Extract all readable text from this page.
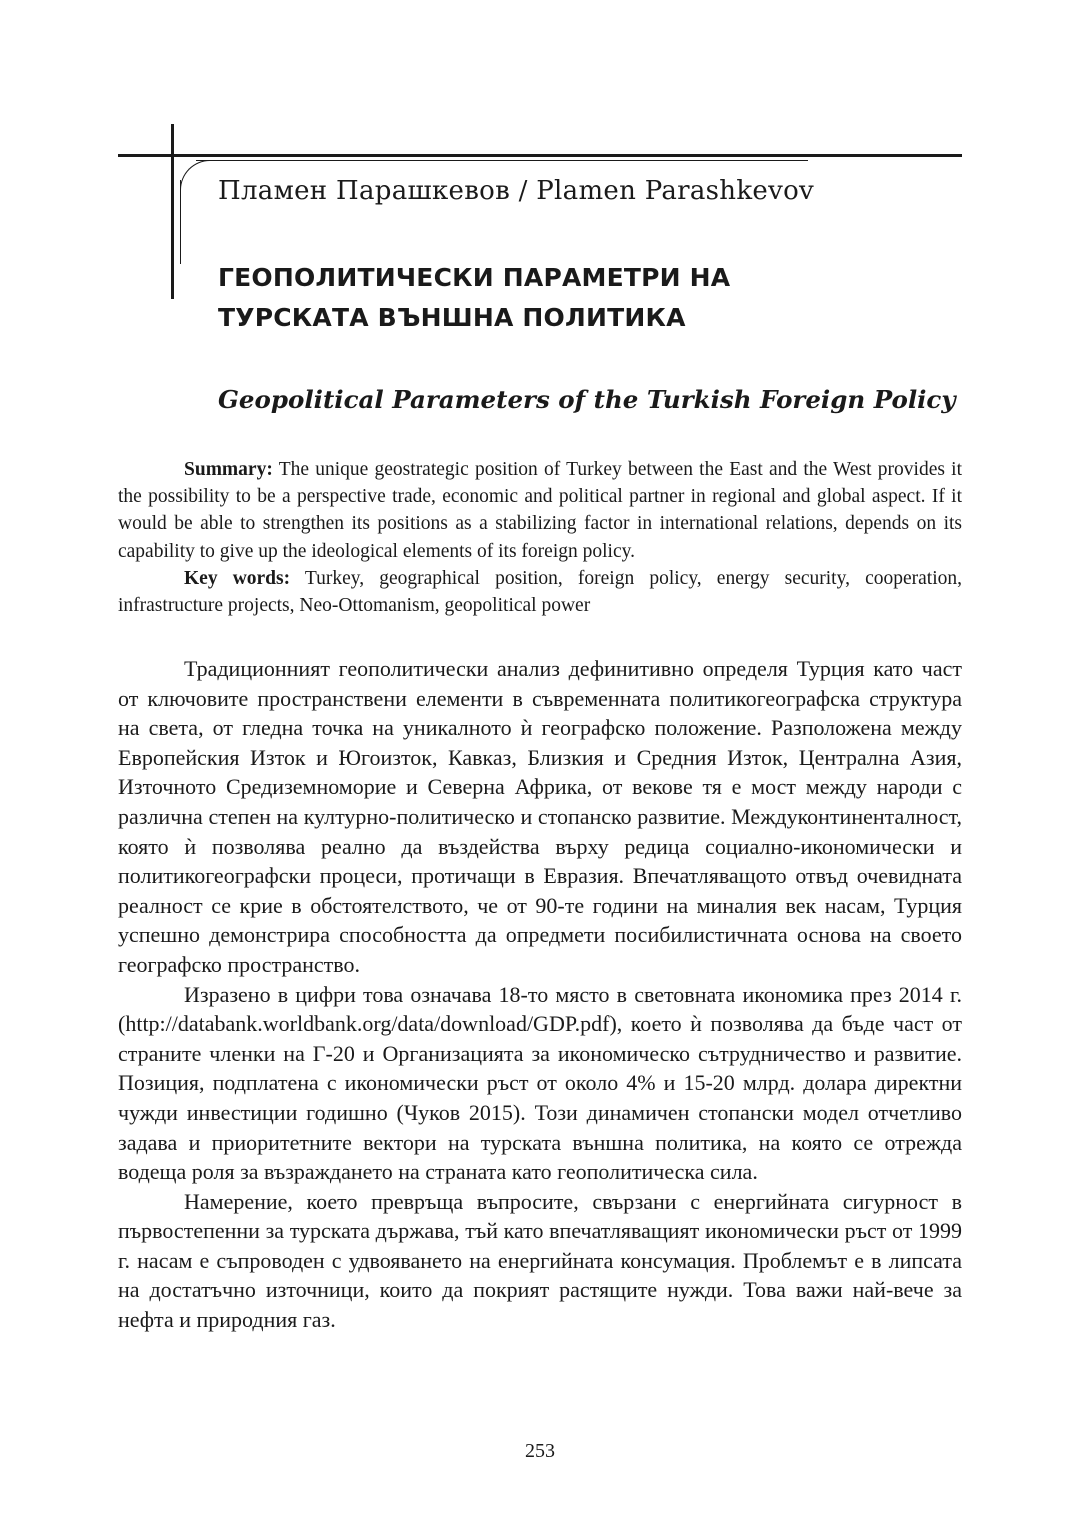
Пламен Парашкевов / Plamen Parashkevov
ГЕОПОЛИТИЧЕСКИ ПАРАМЕТРИ НА
ТУРСКАТА ВЪНШНА ПОЛИТИКА
Geopolitical Parameters of the Turkish Foreign Policy

Summary: The unique geostrategic position of Turkey between the East and the West provides it the possibility to be a perspective trade, economic and political partner in regional and global aspect. If it would be able to strengthen its positions as a stabilizing factor in international relations, depends on its capability to give up the ideological elements of its foreign policy.

Key words: Turkey, geographical position, foreign policy, energy security, cooperation, infrastructure projects, Neo-Ottomanism, geopolitical power

Традиционният геополитически анализ дефинитивно определя Турция като част от ключовите пространствени елементи в съвременната политикогеографска структура на света, от гледна точка на уникалното ѝ географско положение. Разположена между Европейския Изток и Югоизток, Кавказ, Близкия и Средния Изток, Централна Азия, Източното Средиземноморие и Северна Африка, от векове тя е мост между народи с различна степен на културно-политическо и стопанско развитие. Междуконтиненталност, която ѝ позволява реално да въздейства върху редица социално-икономически и политикогеографски процеси, протичащи в Евразия. Впечатляващото отвъд очевидната реалност се крие в обстоятелството, че от 90-те години на миналия век насам, Турция успешно демонстрира способността да опредмети посибилистичната основа на своето географско пространство.

Изразено в цифри това означава 18-то място в световната икономика през 2014 г. (http://databank.worldbank.org/data/download/GDP.pdf), което ѝ позволява да бъде част от страните членки на Г-20 и Организацията за икономическо сътрудничество и развитие. Позиция, подплатена с икономически ръст от около 4% и 15-20 млрд. долара директни чужди инвестиции годишно (Чуков 2015). Този динамичен стопански модел отчетливо задава и приоритетните вектори на турската външна политика, на която се отрежда водеща роля за възраждането на страната като геополитическа сила.

Намерение, което превръща въпросите, свързани с енергийната сигурност в първостепенни за турската държава, тъй като впечатляващият икономически ръст от 1999 г. насам е съпроводен с удвояването на енергийната консумация. Проблемът е в липсата на достатъчно източници, които да покрият растящите нужди. Това важи най-вече за нефта и природния газ.

253
